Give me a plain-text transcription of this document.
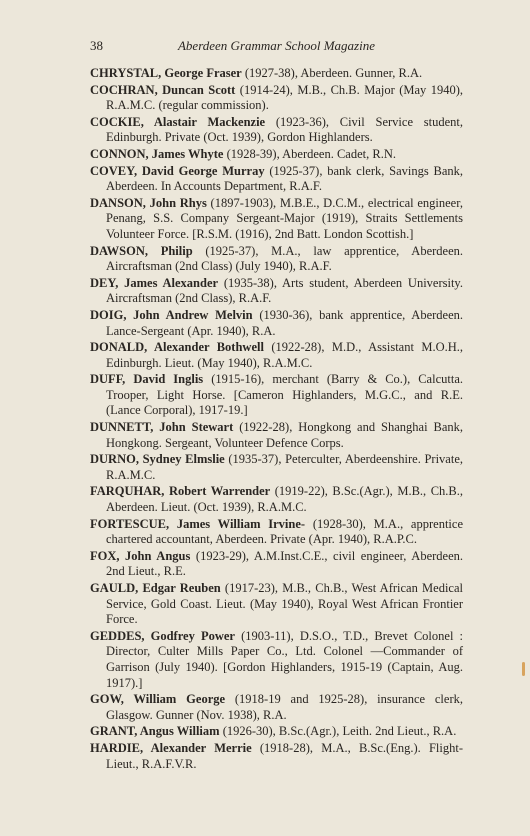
38	Aberdeen Grammar School Magazine

CHRYSTAL, George Fraser (1927-38), Aberdeen. Gunner, R.A.

COCHRAN, Duncan Scott (1914-24), M.B., Ch.B. Major (May 1940), R.A.M.C. (regular commission).

COCKIE, Alastair Mackenzie (1923-36), Civil Service student, Edinburgh. Private (Oct. 1939), Gordon Highlanders.

CONNON, James Whyte (1928-39), Aberdeen. Cadet, R.N.

COVEY, David George Murray (1925-37), bank clerk, Savings Bank, Aberdeen. In Accounts Department, R.A.F.

DANSON, John Rhys (1897-1903), M.B.E., D.C.M., electrical engineer, Penang, S.S. Company Sergeant-Major (1919), Straits Settlements Volunteer Force. [R.S.M. (1916), 2nd Batt. London Scottish.]

DAWSON, Philip (1925-37), M.A., law apprentice, Aberdeen. Aircraftsman (2nd Class) (July 1940), R.A.F.

DEY, James Alexander (1935-38), Arts student, Aberdeen University. Aircraftsman (2nd Class), R.A.F.

DOIG, John Andrew Melvin (1930-36), bank apprentice, Aberdeen. Lance-Sergeant (Apr. 1940), R.A.

DONALD, Alexander Bothwell (1922-28), M.D., Assistant M.O.H., Edinburgh. Lieut. (May 1940), R.A.M.C.

DUFF, David Inglis (1915-16), merchant (Barry & Co.), Calcutta. Trooper, Light Horse. [Cameron Highlanders, M.G.C., and R.E. (Lance Corporal), 1917-19.]

DUNNETT, John Stewart (1922-28), Hongkong and Shanghai Bank, Hongkong. Sergeant, Volunteer Defence Corps.

DURNO, Sydney Elmslie (1935-37), Peterculter, Aberdeenshire. Private, R.A.M.C.

FARQUHAR, Robert Warrender (1919-22), B.Sc.(Agr.), M.B., Ch.B., Aberdeen. Lieut. (Oct. 1939), R.A.M.C.

FORTESCUE, James William Irvine- (1928-30), M.A., apprentice chartered accountant, Aberdeen. Private (Apr. 1940), R.A.P.C.

FOX, John Angus (1923-29), A.M.Inst.C.E., civil engineer, Aberdeen. 2nd Lieut., R.E.

GAULD, Edgar Reuben (1917-23), M.B., Ch.B., West African Medical Service, Gold Coast. Lieut. (May 1940), Royal West African Frontier Force.

GEDDES, Godfrey Power (1903-11), D.S.O., T.D., Brevet Colonel : Director, Culter Mills Paper Co., Ltd. Colonel —Commander of Garrison (July 1940). [Gordon Highlanders, 1915-19 (Captain, Aug. 1917).]

GOW, William George (1918-19 and 1925-28), insurance clerk, Glasgow. Gunner (Nov. 1938), R.A.

GRANT, Angus William (1926-30), B.Sc.(Agr.), Leith. 2nd Lieut., R.A.

HARDIE, Alexander Merrie (1918-28), M.A., B.Sc.(Eng.). Flight-Lieut., R.A.F.V.R.
